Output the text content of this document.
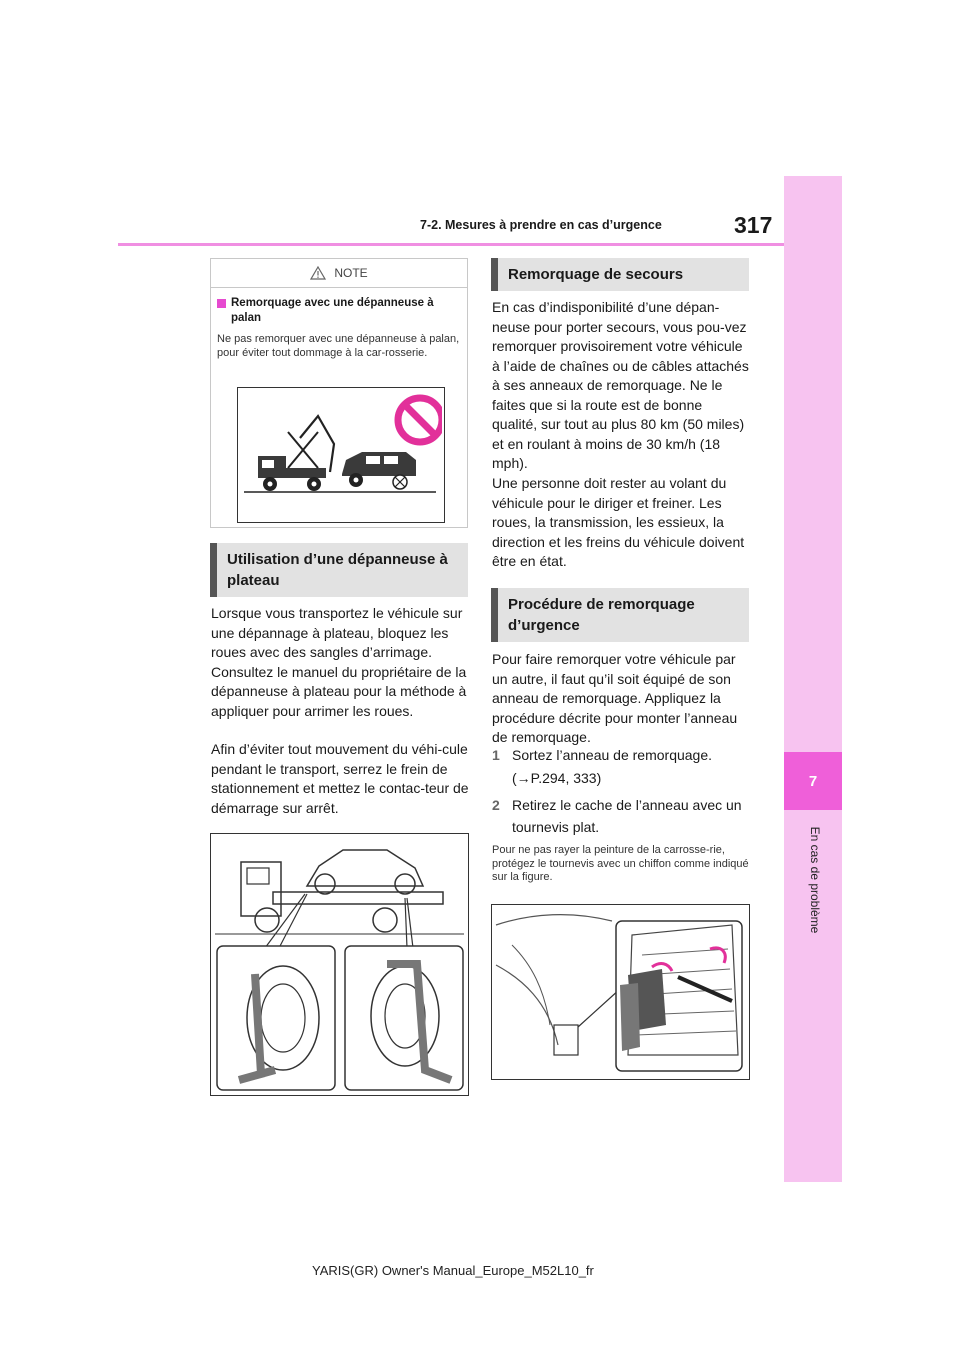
7-2. Mesures à prendre en cas d’urgence	317
7
En cas de problème
NOTE
Remorquage avec une dépanneuse à palan
Ne pas remorquer avec une dépanneuse à palan, pour éviter tout dommage à la car-rosserie.
Utilisation d’une dépanneuse à plateau

Lorsque vous transportez le véhicule sur une dépannage à plateau, bloquez les roues avec des sangles d’arrimage. Consultez le manuel du propriétaire de la dépanneuse à plateau pour la méthode à appliquer pour arrimer les roues.

Afin d’éviter tout mouvement du véhi-cule pendant le transport, serrez le frein de stationnement et mettez le contac-teur de démarrage sur arrêt.

Remorquage de secours

En cas d’indisponibilité d’une dépan-neuse pour porter secours, vous pou-vez remorquer provisoirement votre véhicule à l’aide de chaînes ou de câbles attachés à ses anneaux de remorquage. Ne le faites que si la route est de bonne qualité, sur tout au plus 80 km (50 miles) et en roulant à moins de 30 km/h (18 mph).

Une personne doit rester au volant du véhicule pour le diriger et freiner. Les roues, la transmission, les essieux, la direction et les freins du véhicule doivent être en état.

Procédure de remorquage d’urgence

Pour faire remorquer votre véhicule par un autre, il faut qu’il soit équipé de son anneau de remorquage. Appliquez la procédure décrite pour monter l’anneau de remorquage.

1 Sortez l’anneau de remorquage.
(→P.294, 333)
2 Retirez le cache de l’anneau avec un tournevis plat.

Pour ne pas rayer la peinture de la carrosse-rie, protégez le tournevis avec un chiffon comme indiqué sur la figure.

YARIS(GR) Owner's Manual_Europe_M52L10_fr
